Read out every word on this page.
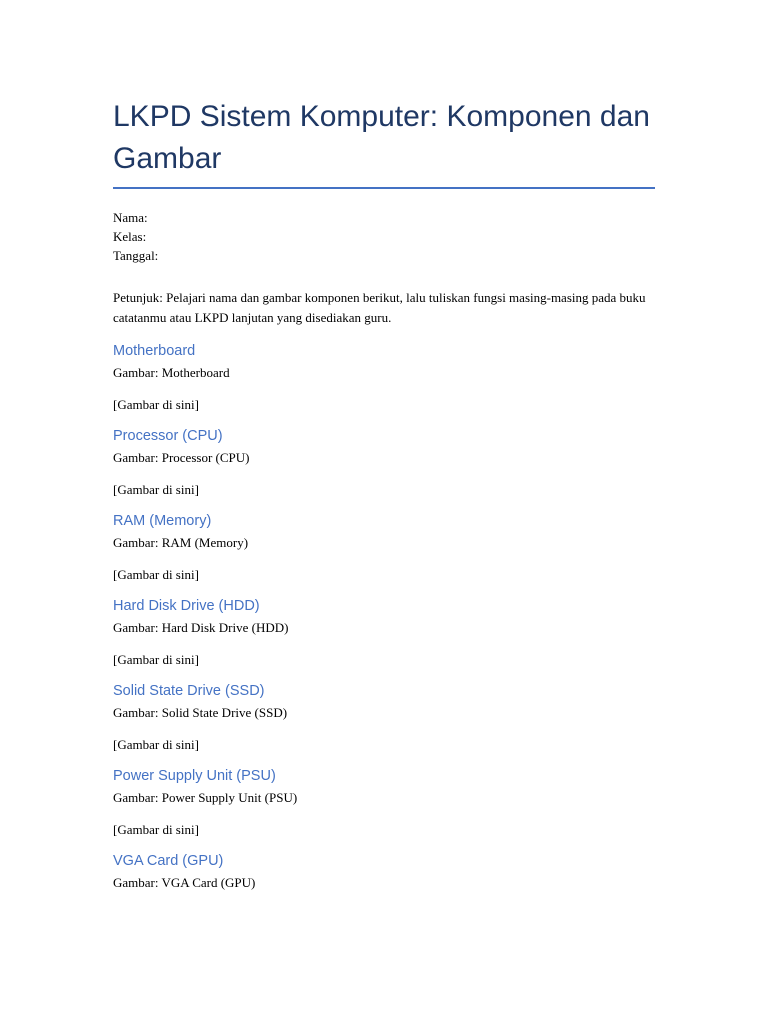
LKPD Sistem Komputer: Komponen dan Gambar
Nama:
Kelas:
Tanggal:

Petunjuk: Pelajari nama dan gambar komponen berikut, lalu tuliskan fungsi masing-masing pada buku catatanmu atau LKPD lanjutan yang disediakan guru.

Motherboard

Gambar: Motherboard

[Gambar di sini]

Processor (CPU)

Gambar: Processor (CPU)

[Gambar di sini]

RAM (Memory)

Gambar: RAM (Memory)

[Gambar di sini]

Hard Disk Drive (HDD)

Gambar: Hard Disk Drive (HDD)

[Gambar di sini]

Solid State Drive (SSD)

Gambar: Solid State Drive (SSD)

[Gambar di sini]

Power Supply Unit (PSU)

Gambar: Power Supply Unit (PSU)

[Gambar di sini]

VGA Card (GPU)

Gambar: VGA Card (GPU)
